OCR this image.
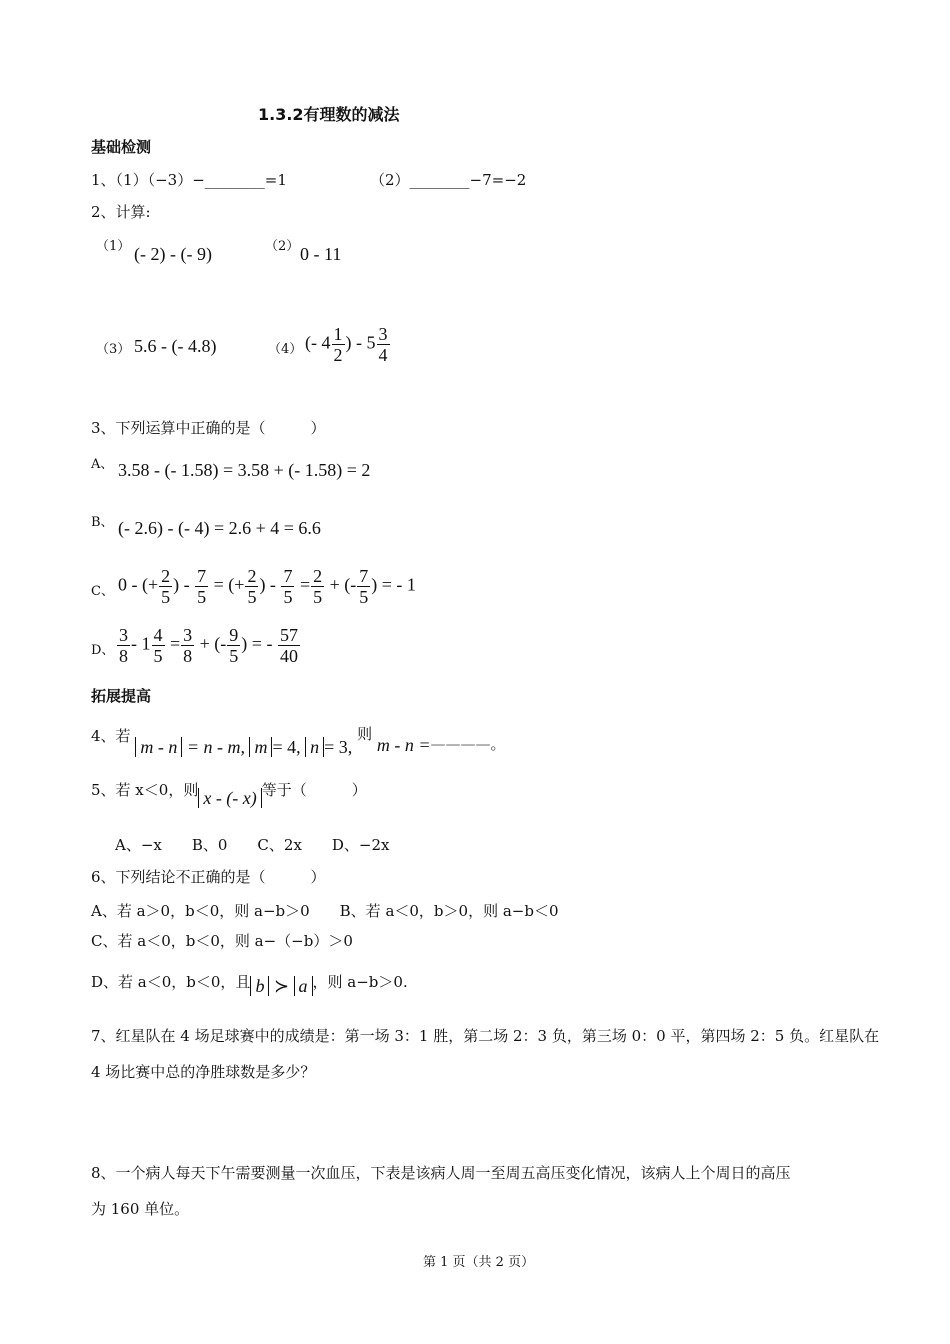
1.3.2有理数的减法
基础检测
1、（1）（−3）−________=1	（2）________−7=−2
2、计算:
（1） (- 2) - (- 9)	（2） 0 - 11
（3） 5.6 - (- 4.8)	（4） (- $4 \frac{1}{2}$ ) - $5 \frac{3}{4}$
3、下列运算中正确的是（　　　）
A、 3.58 - (- 1.58) = 3.58 + (- 1.58) = 2
B、 (- 2.6) - (- 4) = 2.6 + 4 = 6.6
C、 0 - (+ $\frac{2}{5}$ ) - $\frac{7}{5}$ = (+ $\frac{2}{5}$ ) - $\frac{7}{5} = \frac{2}{5}$ + (- $\frac{7}{5}$ ) = - 1
D、 $\frac{3}{8} - 1 \frac{4}{5} = \frac{3}{8}$ + (- $\frac{9}{5}$ ) = - $\frac{57}{40}$
拓展提高
4、若 m - n = n - m, m = 4, n = 3, 则 m - n =————。
5、若 x＜0，则 x - (- x) 等于（　　　）
A、−x　　B、0　　C、2x　　D、−2x
6、下列结论不正确的是（　　　）
A、若 a＞0，b＜0，则 a−b＞0　　B、若 a＜0，b＞0，则 a−b＜0
C、若 a＜0，b＜0，则 a−（−b）＞0
D、若 a＜0，b＜0，且 b ≻ a ，则 a−b＞0.
7、红星队在 4 场足球赛中的成绩是：第一场 3：1 胜，第二场 2：3 负，第三场 0：0 平，第四场 2：5 负。红星队在
4 场比赛中总的净胜球数是多少？
8、一个病人每天下午需要测量一次血压，下表是该病人周一至周五高压变化情况，该病人上个周日的高压
为 160 单位。
第 1 页（共 2 页）
